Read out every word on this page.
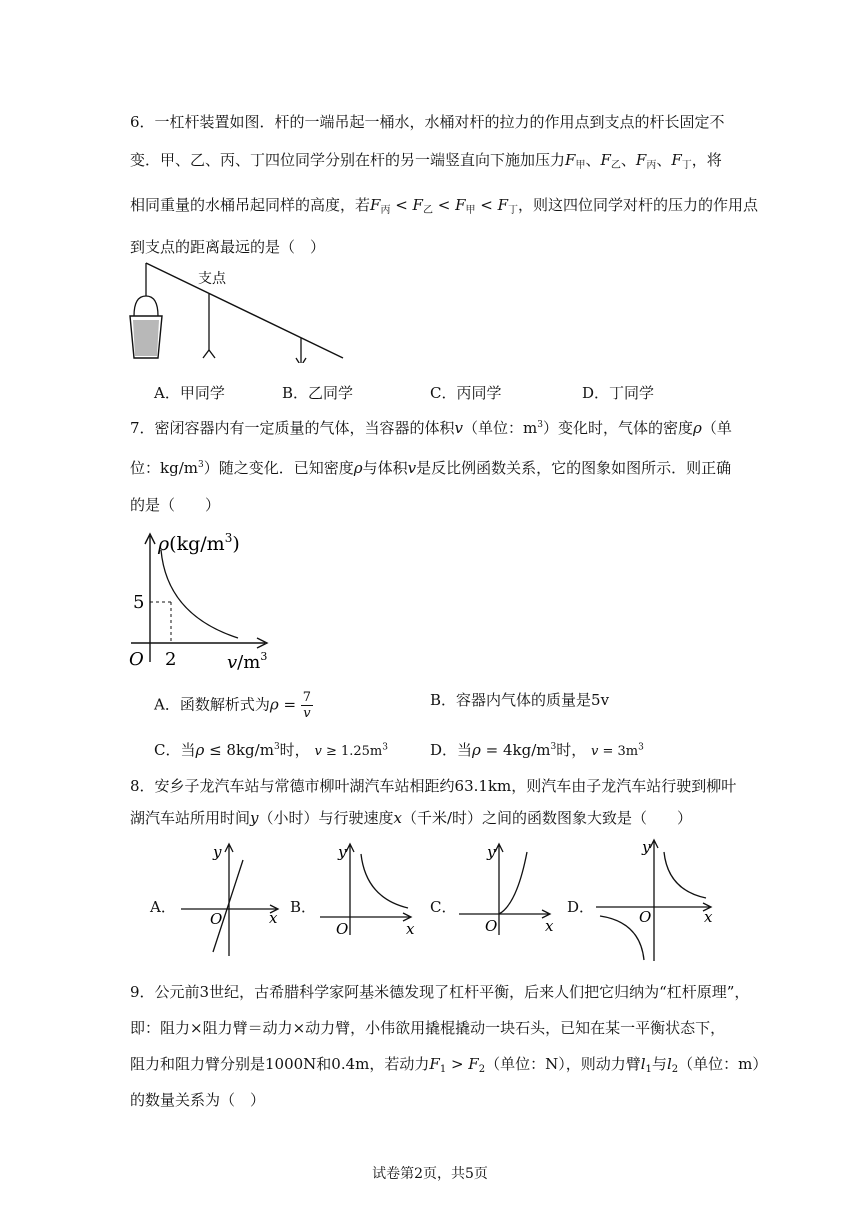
6．一杠杆装置如图．杆的一端吊起一桶水，水桶对杆的拉力的作用点到支点的杆长固定不
变．甲、乙、丙、丁四位同学分别在杆的另一端竖直向下施加压力$F_甲$、$F_乙$、$F_丙$、$F_丁$，将
相同重量的水桶吊起同样的高度，若$F_丙 < F_乙 < F_甲 < F_丁$，则这四位同学对杆的压力的作用点
到支点的距离最远的是（　）
支点
A．甲同学	B．乙同学	C．丙同学	D．丁同学
7．密闭容器内有一定质量的气体，当容器的体积v（单位：$m^3$）变化时，气体的密度ρ（单
位：$kg/m^3$）随之变化．已知密度ρ与体积v是反比例函数关系，它的图象如图所示．则正确
的是（　　）
$\rho(kg/m^3)$
5
2
O	$v/m^3$
A．函数解析式为$\rho = \frac{7}{v}$	B．容器内气体的质量是5v
C．当$\rho \le 8kg/m^3$时， $v \ge 1.25m^3$	D．当$\rho = 4kg/m^3$时， $v = 3m^3$
8．安乡子龙汽车站与常德市柳叶湖汽车站相距约63.1km，则汽车由子龙汽车站行驶到柳叶
湖汽车站所用时间y（小时）与行驶速度x（千米/时）之间的函数图象大致是（　　）
A．
y
x
O
B．
y
x
O
C．
y
x
O
D．
y
x
O
9．公元前3世纪，古希腊科学家阿基米德发现了杠杆平衡，后来人们把它归纳为“杠杆原理”，
即：阻力×阻力臂＝动力×动力臂，小伟欲用撬棍撬动一块石头，已知在某一平衡状态下，
阻力和阻力臂分别是1000N和0.4m，若动力$F_1 > F_2$（单位：N），则动力臂$l_1$与$l_2$（单位：m）
的数量关系为（　）
试卷第2页，共5页
